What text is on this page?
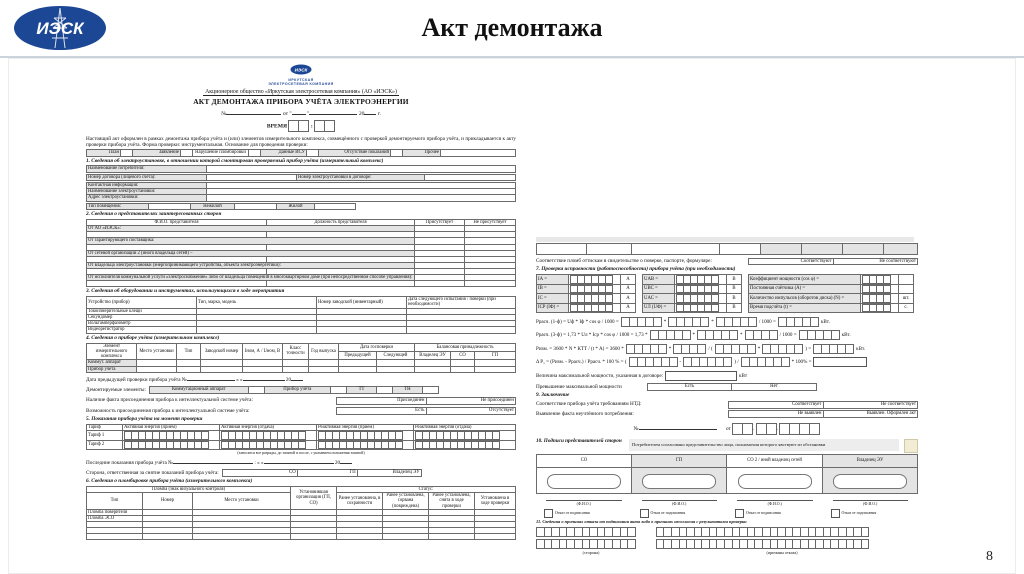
ИЭСК	Акт демонтажа
ИЭСК
ИРКУТСКАЯ
ЭЛЕКТРОСЕТЕВАЯ КОМПАНИЯ
Акционерное общество «Иркутская электросетевая компания» (АО «ИЭСК»)
АКТ ДЕМОНТАЖА ПРИБОРА УЧЁТА ЭЛЕКТРОЭНЕРГИИ
№	от "	"	20 г.
ВРЕМЯ	:
Настоящий акт оформлен в рамках демонтажа прибора учёта и (или) элементов измерительного комплекса, совмещённого с проверкой демонтируемого прибора учёта, и прикладывается к акту проверки прибора учёта. Форма проверки: инструментальная. Основание для проведения проверки:
План		Заявление		Нарушение пломбировки		Данные ИСУ		Отсутствие показаний		Прочее	
1. Сведения об электроустановке, в отношении которой смонтирован проверяемый прибор учёта (измерительный комплекс)
Наименование потребителя:	
Номер договора (лицевого счёта):		Номер электроустановки в договоре:	
Контактная информация:	
Наименование электроустановки:	
Адрес электроустановки:	
Тип помещения:		Нежилой		Жилой	
2. Сведения о представителях заинтересованных сторон
Ф.И.О. представителя	Должность представителя	Присутствует	Не присутствует
От АО «ИЭСК»:			

От гарантирующего поставщика:			

От сетевой организации 2 (иного владельца сетей) –			

От владельца электроустановки (энергопринимающего устройства, объекта электроэнергетики):			

От исполнителя коммунальной услуги «электроснабжение» либо от владельца помещений в многоквартирном доме (при непосредственном способе управления):			

3. Сведения об оборудовании и инструментах, использующихся в ходе мероприятия
Устройство (прибор)	Тип, марка, модель	Номер заводской (инвентарный)	Дата следующего испытания / поверки (при необходимости)
Токоизмерительные клещи			
Секундомер			
Вольтамперфазометр			
Видеорегистратор			
4. Сведения о приборе учёта (измерительном комплексе)
Элемент измерительного комплекса	Место установки	Тип	Заводской номер	Iном, А / Uном, В	Класс точности	Год выпуска	Дата госповерки		Балансовая принадлежность		
							Предыдущей	Следующей	Владелец ЭУ	СО	ГП
Коммут. аппарат											
Прибор учёта											
Дата предыдущей проверки прибора учёта №	« »	20
Демонтируемые элементы:	Коммутационный аппарат		Прибор учёта		ТТ		ТН	
Наличие факта присоединения прибора к интеллектуальной системе учёта:	Присоединён	Не присоединён
Возможность присоединения прибора к интеллектуальной системе учёта:	Есть	Отсутствует
5. Показания прибора учёта на момент проверки
Тариф	Активная энергия (приём)	Активная энергия (отдача)	Реактивная энергия (приём)	Реактивная энергия (отдача)
Тариф 1	

Тариф 2	

(заносятся все разряды, до запятой и после, с указанием положения запятой)
Последние показания прибора учёта №	: « »	20
Сторона, ответственная за снятие показаний прибора учёта:	СО	ГП	Владелец ЭУ
6. Сведения о пломбировке прибора учёта (измерительного комплекса)
Пломба (знак визуального контроля)			Установившая организация (ГП, СО)	Статус:			
Тип	Номер	Место установки		Ранее установлена, в сохранности	Ранее установлена, сорвана (повреждена)	Ранее установлена, снята в ходе проверки	Установлена в ходе проверки
Пломба поверителя							
Пломба ЭСО							

Соответствие пломб оттискам в свидетельстве о поверке, паспорте, формуляре:	Соответствуют	Не соответствуют
7. Проверка исправности (работоспособности) прибора учёта (при необходимости)
IА =		А
IВ =		А
IС =		А
IСР (IФ) =		А
UАВ =		В
UВС =		В
UАС =		В
UЛ (UФ) =		В
Коэффициент мощности (cos φ) =	

Постоянная счётчика (А) =	

Количество импульсов (оборотов диска) (N) =		шт.
Время подсчёта (t) =		с.
Pрасч. (1-ф) = Uф * Iф * cos φ / 1000 =	*	*	/ 1000 =	кВт.
Pрасч. (3-ф) = 1,73 * Uл * Iср * cos φ / 1000 = 1,73 *	*	*	/ 1000 =	кВт.
Pизм. = 3600 * N * КТТ / (t * A) = 3600 *	*	/ (	*	) =	кВт.
Δ P₁ = (Pизм. - Pрасч.) / Pрасч. * 100 % = (	-	) /	* 100% =
Величина максимальной мощности, указанная в договоре:	кВт
Превышение максимальной мощности	Есть	Нет
9. Заключение
Соответствие прибора учёта требованиям НТД:	Соответствует	Не соответствует
Выявление факта неучтённого потребления:	Не выявлен	Выявлен. Оформлен акт
№	от	.	.
10. Подписи представителей сторон
Потребителем согласовано представительство лица, полномочия которого явствуют из обстановки
СО	ГП	СО 2 / иной владелец сетей	Владелец ЭУ

(Ф.И.О.)
Отказ от подписания
(Ф.И.О.)
Отказ от подписания
(Ф.И.О.)
Отказ от подписания
(Ф.И.О.)
Отказ от подписания
11. Сведения о причинах отказа от подписания акта либо о причинах несогласия с результатами проверки
(сторона)	(причины отказа)	8
